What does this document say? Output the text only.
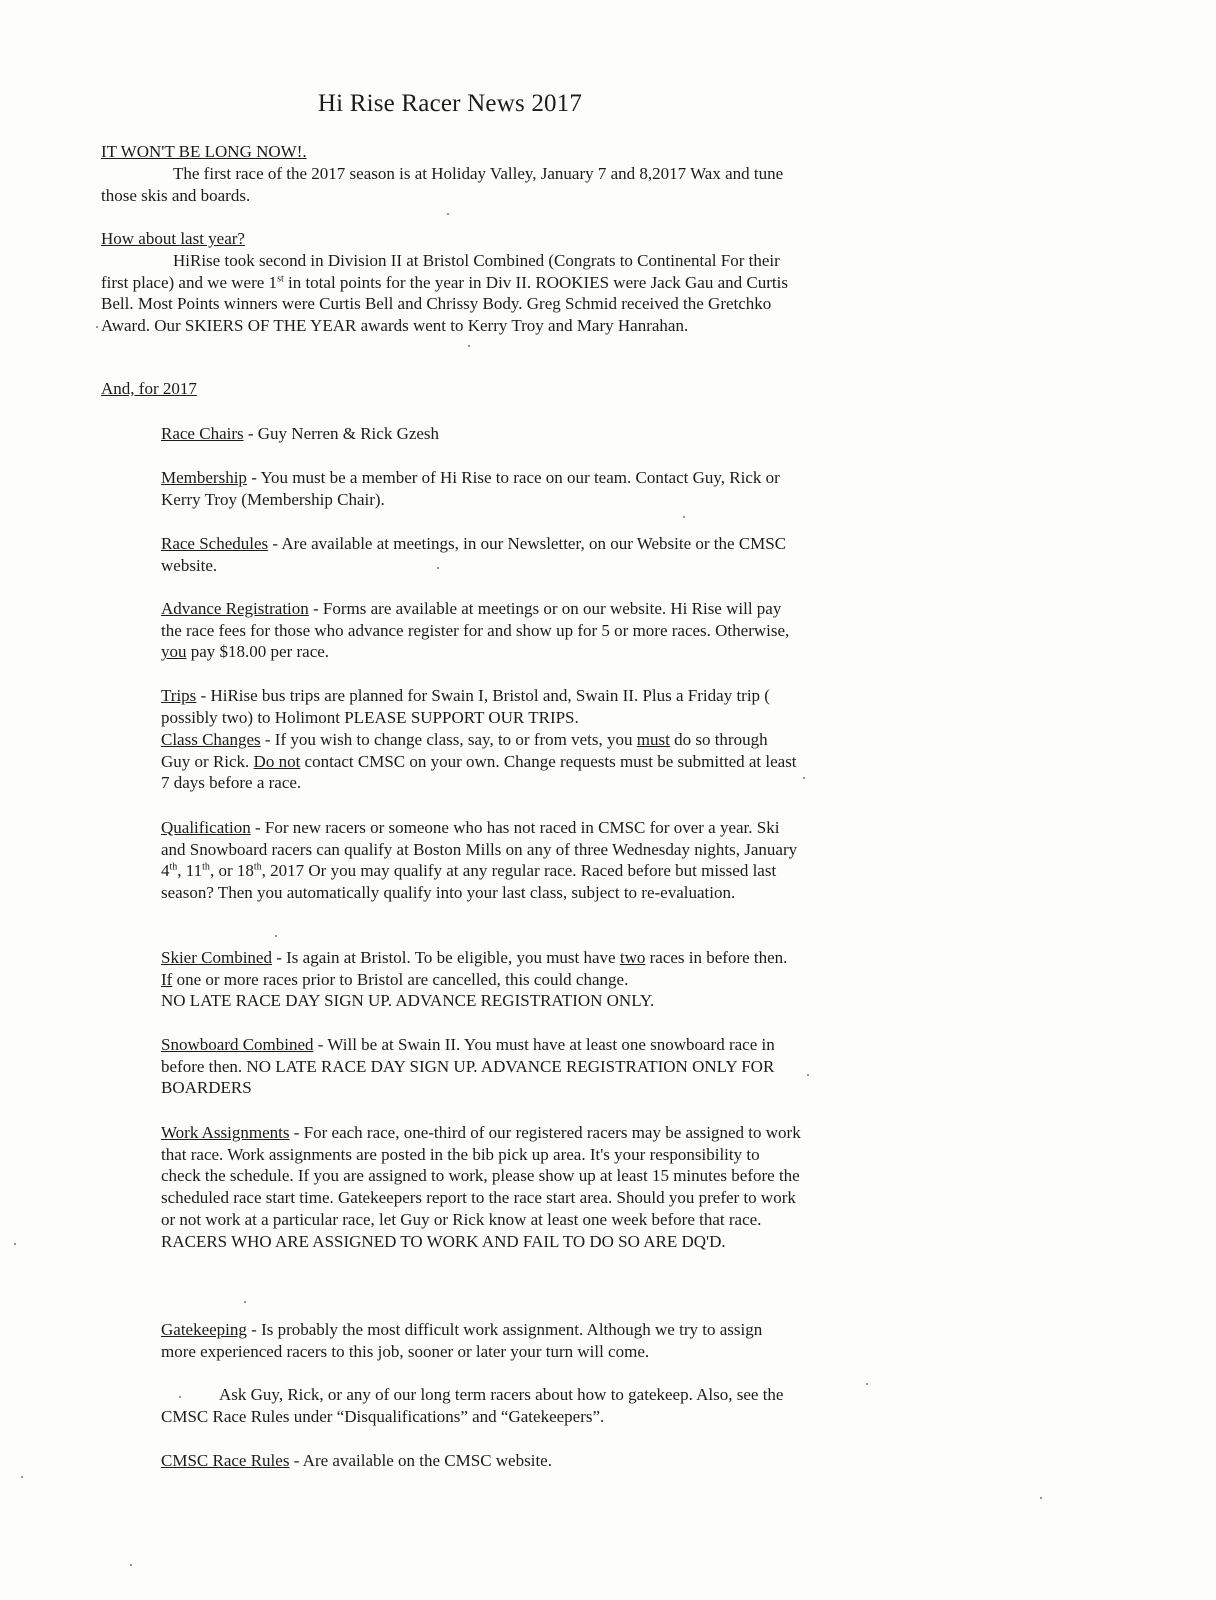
Hi Rise Racer News 2017
IT WON'T BE LONG NOW!.
The first race of the 2017 season is at Holiday Valley, January 7 and 8,2017 Wax and tune those skis and boards.
How about last year?
HiRise took second in Division II at Bristol Combined (Congrats to Continental For their first place) and we were 1st in total points for the year in Div II. ROOKIES were Jack Gau and Curtis Bell. Most Points winners were Curtis Bell and Chrissy Body. Greg Schmid received the Gretchko Award. Our SKIERS OF THE YEAR awards went to Kerry Troy and Mary Hanrahan.
And, for 2017
Race Chairs - Guy Nerren & Rick Gzesh
Membership - You must be a member of Hi Rise to race on our team. Contact Guy, Rick or Kerry Troy (Membership Chair).
Race Schedules - Are available at meetings, in our Newsletter, on our Website or the CMSC website.
Advance Registration - Forms are available at meetings or on our website. Hi Rise will pay the race fees for those who advance register for and show up for 5 or more races. Otherwise, you pay $18.00 per race.
Trips - HiRise bus trips are planned for Swain I, Bristol and, Swain II. Plus a Friday trip ( possibly two) to Holimont PLEASE SUPPORT OUR TRIPS.
Class Changes - If you wish to change class, say, to or from vets, you must do so through Guy or Rick. Do not contact CMSC on your own. Change requests must be submitted at least 7 days before a race.
Qualification - For new racers or someone who has not raced in CMSC for over a year. Ski and Snowboard racers can qualify at Boston Mills on any of three Wednesday nights, January 4th, 11th, or 18th, 2017 Or you may qualify at any regular race. Raced before but missed last season? Then you automatically qualify into your last class, subject to re-evaluation.
Skier Combined - Is again at Bristol. To be eligible, you must have two races in before then. If one or more races prior to Bristol are cancelled, this could change.
NO LATE RACE DAY SIGN UP. ADVANCE REGISTRATION ONLY.
Snowboard Combined - Will be at Swain II. You must have at least one snowboard race in before then. NO LATE RACE DAY SIGN UP. ADVANCE REGISTRATION ONLY FOR BOARDERS
Work Assignments - For each race, one-third of our registered racers may be assigned to work that race. Work assignments are posted in the bib pick up area. It's your responsibility to check the schedule. If you are assigned to work, please show up at least 15 minutes before the scheduled race start time. Gatekeepers report to the race start area. Should you prefer to work or not work at a particular race, let Guy or Rick know at least one week before that race.
RACERS WHO ARE ASSIGNED TO WORK AND FAIL TO DO SO ARE DQ'D.
Gatekeeping - Is probably the most difficult work assignment. Although we try to assign more experienced racers to this job, sooner or later your turn will come.
Ask Guy, Rick, or any of our long term racers about how to gatekeep. Also, see the CMSC Race Rules under “Disqualifications” and “Gatekeepers”.
CMSC Race Rules - Are available on the CMSC website.
